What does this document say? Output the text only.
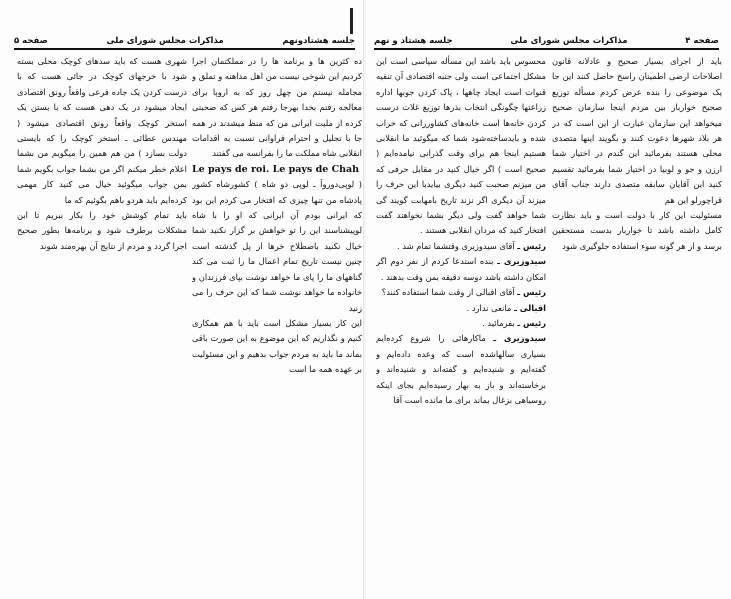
جلسه هشتادونهم
مذاکرات مجلس شورای ملی
صفحه ۵

ده کثرین ها و برنامه ها را در مملکتمان اجرا کردیم این شوخی نیست من اهل مداهنه و تملق و مجامله نیستم من چهل روز که به اروپا برای معالجه رفتم بخدا بهرجا رفتم هر کس که صحبتی کرده از ملیت ایرانی من که منظ میشدند در همه جا با تجلیل و احترام فراوانی نسبت به اقدامات انقلابی شاه مملکت ما را بفرانسه می گفتند

Le pays de roi. Le pays de Chah

( لوپی‌دوروآ ـ لوپی دو شاه ) کشورشاه کشور پادشاه من تنها چیزی که افتخار می کردم این بود که ایرانی بودم آن ایرانی که او را با شاه لوپیشناسند این را تو خواهش بر گزار نکنید شما خیال نکنید باصطلاح خرها از پل گذشته است چنین نیست تاریخ تمام اعمال ما را ثبت می کند گناههای ما را پای ما خواهد نوشت بپای فرزندان و خانواده ما خواهد نوشت شما که این حرف را می زنید

این کار بسیار مشکل است باید با هم همکاری کنیم و نگذاریم که این موضوع به این صورت باقی بماند ما باید به مردم جواب بدهیم و این مسئولیت بر عهده همه ما است

شهری هست که باید سدهای کوچک محلی بسته شود با خرجهای کوچک در جائی هست که با درست کردن یک جاده فرعی واقعاً رونق اقتصادی ایجاد میشود در یک دهی هست که با بستن یک استخر کوچک واقعاً رونق اقتصادی میشود ( مهندس عطائی ـ استخر کوچک را که بایستی دولت بسازد ) من هم همین را میگویم من بشما اعلام خطر میکنم اگر من بشما جواب بگویم شما بمن جواب میگوئید خیال می کنید کار مهمی کرده‌ایم باید هردو باهم بگوئیم که ما

باید تمام کوشش خود را بکار ببریم تا این مشکلات برطرف شود و برنامه‌ها بطور صحیح اجرا گردد و مردم از نتایج آن بهره‌مند شوند

صفحه ۴
مذاکرات مجلس شورای ملی
جلسه هشتاد و نهم

باید از اجرای بسیار صحیح و عادلانه قانون اصلاحات ارضی اطمینان راسخ حاصل کنند این جا یک موضوعی را بنده عرض کردم مسأله توزیع صحیح خواربار بین مردم اینجا سازمان صحیح میخواهد این سازمان عبارت از این است که در هر بلاد شهرها دعوت کنند و بگویند اینها متصدی محلی هستند بفرمائید این گندم در اختیار شما ارزن و جو و لوبیا در اختیار شما بفرمائید تقسیم کنید این آقایان سابقه متصدی دارند جناب آقای قراچورلو این هم

مسئولیت این کار با دولت است و باید نظارت کامل داشته باشد تا خواربار بدست مستحقین برسد و از هر گونه سوء استفاده جلوگیری شود

محسوس باید باشد این مسأله سیاسی است این مشکل اجتماعی است ولی جنبه اقتصادی آن تنقیه قنوات است ایجاد چاهها ، پاک کردن جوبها اداره زراعتها چگونگی انتخاب بذرها توزیع غلات درست کردن خانه‌ها است خانه‌های کشاورزانی که خراب شده و بایدساخته‌شود شما که میگوئید ما انقلابی هستیم اینجا هم برای وقت گذرانی نیامده‌ایم ( صحیح است ) اگر خیال کنید در مقابل حرفی که من میزنم صحبت کنید دیگری بیایدبا این حرف را میزند آن دیگری اگر نزند تاریخ بامهابت گویند گی شما خواهد گفت ولی دیگر بشما نخواهند گفت افتخار کنید که مردان انقلابی هستند .

رئیس ـ آقای سیدوزیری وقتشما تمام شد .

سیدوزیری ـ بنده استدعا کردم از نفر دوم اگر امکان داشته باشد دوسه دقیقه بمن وقت بدهند .

رئیس ـ آقای اقبالی از وقت شما استفاده کنند؟

اقبالی ـ مانعی ندارد .

رئیس ـ بفرمائید .

سیدوزیری ـ ماکارهائی را شروع کرده‌ایم بسیاری سالهاشده است که وعده داده‌ایم و گفته‌ایم و شنیده‌ایم و گفته‌اند و شنیده‌اند و برخاسته‌اند و باز به بهار رسیده‌ایم بجای اینکه روسیاهی بزغال بماند برای ما مانده است آقا
